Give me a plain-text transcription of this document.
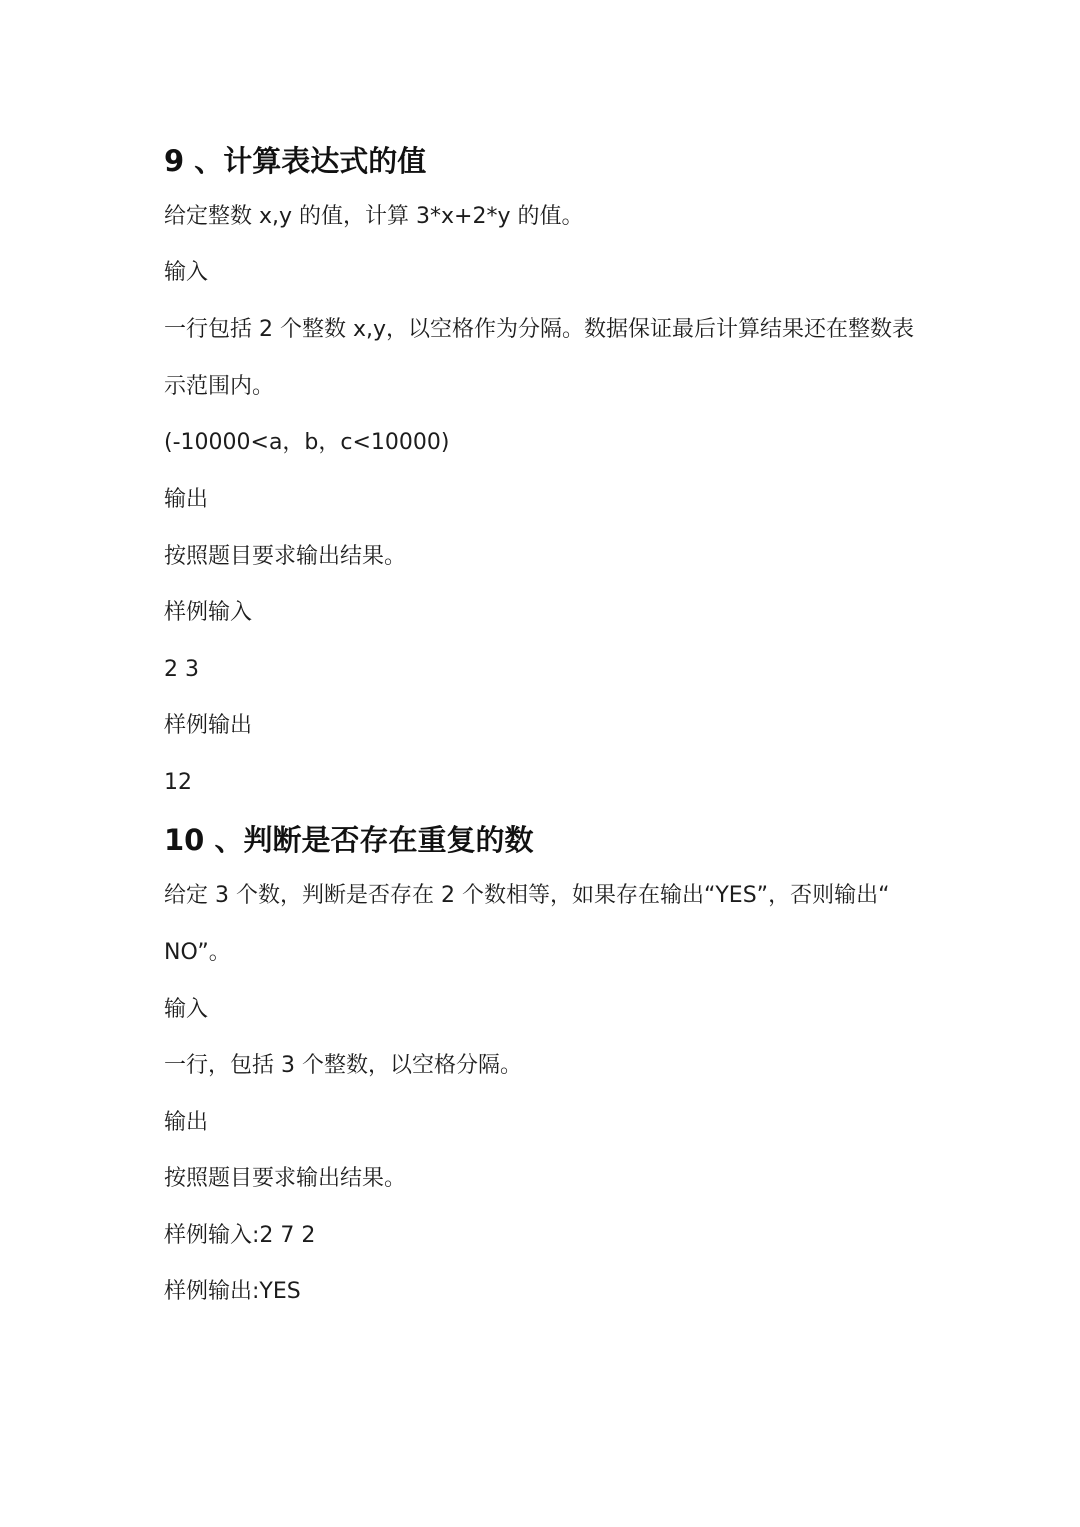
9 、计算表达式的值
给定整数 x,y 的值，计算 3*x+2*y 的值。
输入
一行包括 2 个整数 x,y，以空格作为分隔。数据保证最后计算结果还在整数表
示范围内。
(-10000<a，b，c<10000)
输出
按照题目要求输出结果。
样例输入
2 3
样例输出
12
10 、判断是否存在重复的数
给定 3 个数，判断是否存在 2 个数相等，如果存在输出“YES”，否则输出“
NO”。
输入
一行，包括 3 个整数，以空格分隔。
输出
按照题目要求输出结果。
样例输入:2 7 2
样例输出:YES
